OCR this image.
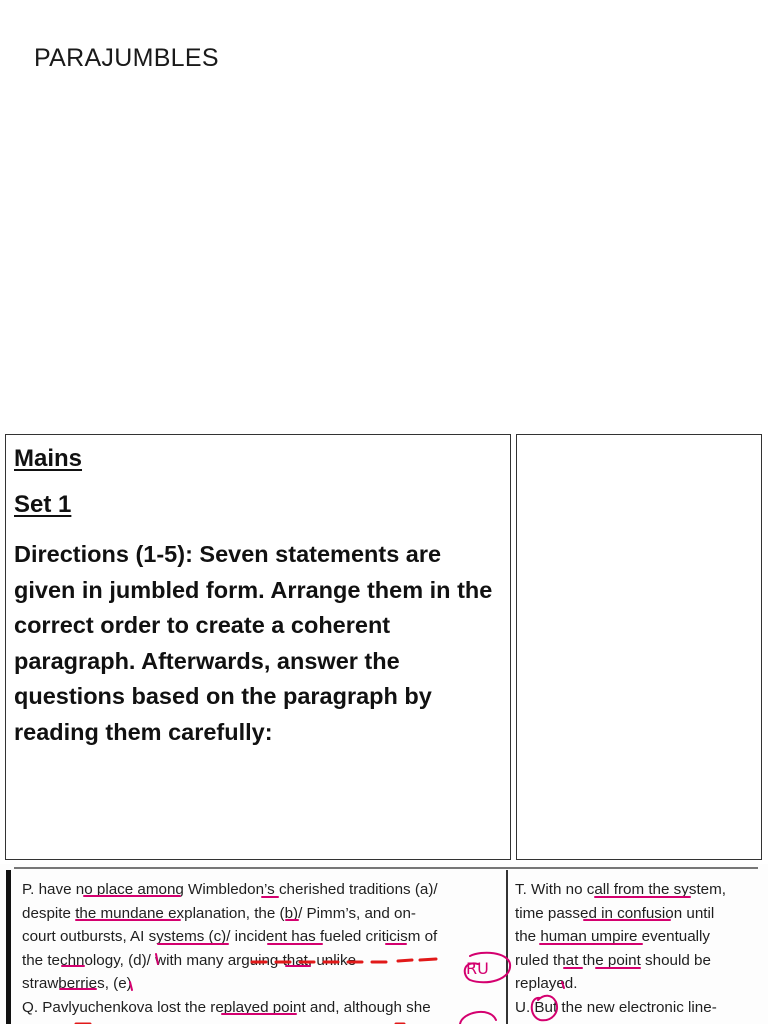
PARAJUMBLES
Mains
Set 1
Directions (1-5): Seven statements are given in jumbled form. Arrange them in the correct order to create a coherent paragraph. Afterwards, answer the questions based on the paragraph by reading them carefully:
P. have no place among Wimbledon’s cherished traditions (a)/
despite the mundane explanation, the (b)/ Pimm’s, and on-
court outbursts, AI systems (c)/ incident has fueled criticism of
the technology, (d)/ with many arguing that, unlike
strawberries, (e)
Q. Pavlyuchenkova lost the replayed point and, although she
T. With no call from the system,
time passed in confusion until
the human umpire eventually
ruled that the point should be
replayed.
U. But the new electronic line-
RU
